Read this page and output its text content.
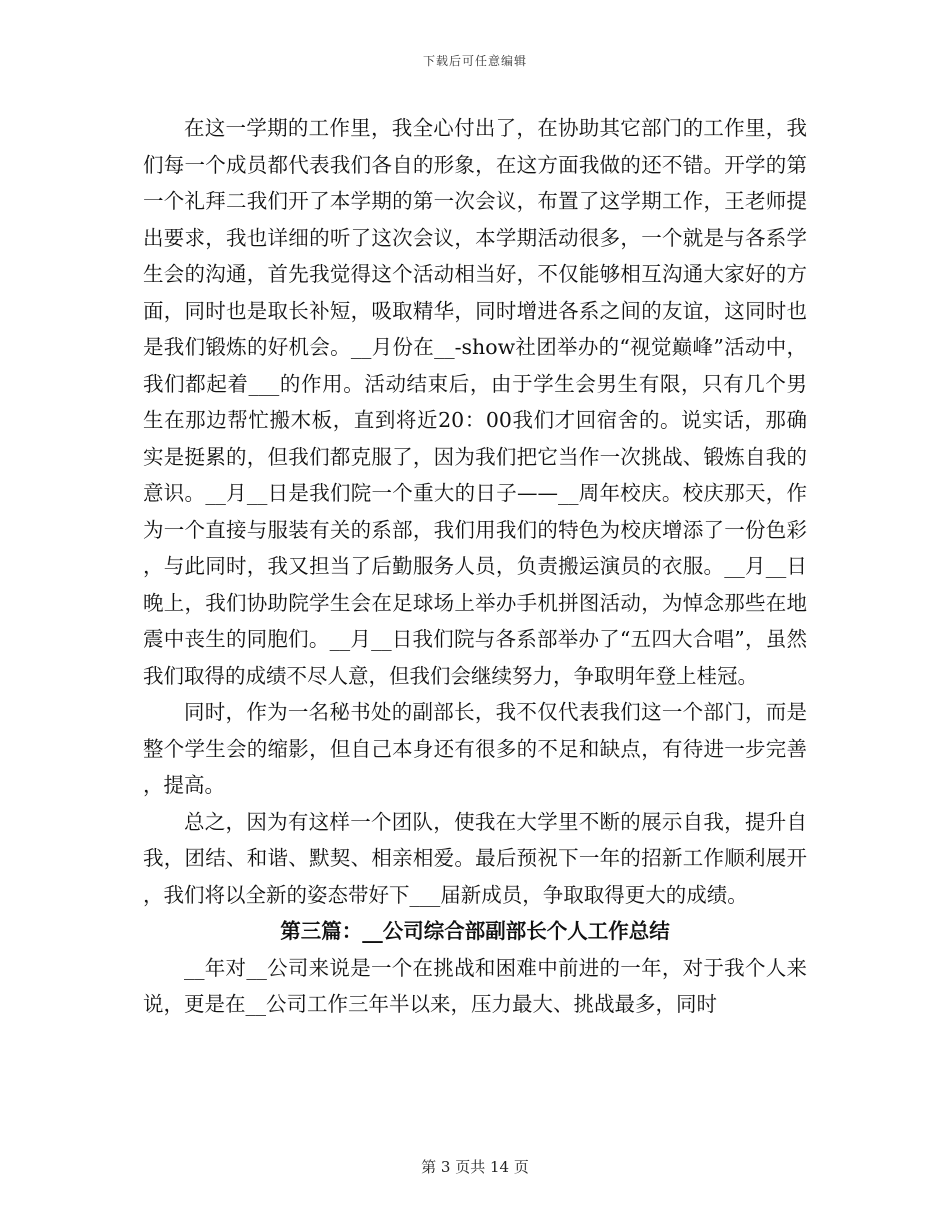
下载后可任意编辑

在这一学期的工作里，我全心付出了，在协助其它部门的工作里，我们每一个成员都代表我们各自的形象，在这方面我做的还不错。开学的第一个礼拜二我们开了本学期的第一次会议，布置了这学期工作，王老师提出要求，我也详细的听了这次会议，本学期活动很多，一个就是与各系学生会的沟通，首先我觉得这个活动相当好，不仅能够相互沟通大家好的方面，同时也是取长补短，吸取精华，同时增进各系之间的友谊，这同时也是我们锻炼的好机会。__月份在__-show社团举办的“视觉巅峰”活动中，我们都起着___的作用。活动结束后，由于学生会男生有限，只有几个男生在那边帮忙搬木板，直到将近20：00我们才回宿舍的。说实话，那确实是挺累的，但我们都克服了，因为我们把它当作一次挑战、锻炼自我的意识。__月__日是我们院一个重大的日子——__周年校庆。校庆那天，作为一个直接与服装有关的系部，我们用我们的特色为校庆增添了一份色彩，与此同时，我又担当了后勤服务人员，负责搬运演员的衣服。__月__日晚上，我们协助院学生会在足球场上举办手机拼图活动，为悼念那些在地震中丧生的同胞们。__月__日我们院与各系部举办了“五四大合唱”，虽然我们取得的成绩不尽人意，但我们会继续努力，争取明年登上桂冠。

同时，作为一名秘书处的副部长，我不仅代表我们这一个部门，而是整个学生会的缩影，但自己本身还有很多的不足和缺点，有待进一步完善，提高。

总之，因为有这样一个团队，使我在大学里不断的展示自我，提升自我，团结、和谐、默契、相亲相爱。最后预祝下一年的招新工作顺利展开，我们将以全新的姿态带好下___届新成员，争取取得更大的成绩。

第三篇：__公司综合部副部长个人工作总结

__年对__公司来说是一个在挑战和困难中前进的一年，对于我个人来说，更是在__公司工作三年半以来，压力最大、挑战最多，同时

第 3 页共 14 页
